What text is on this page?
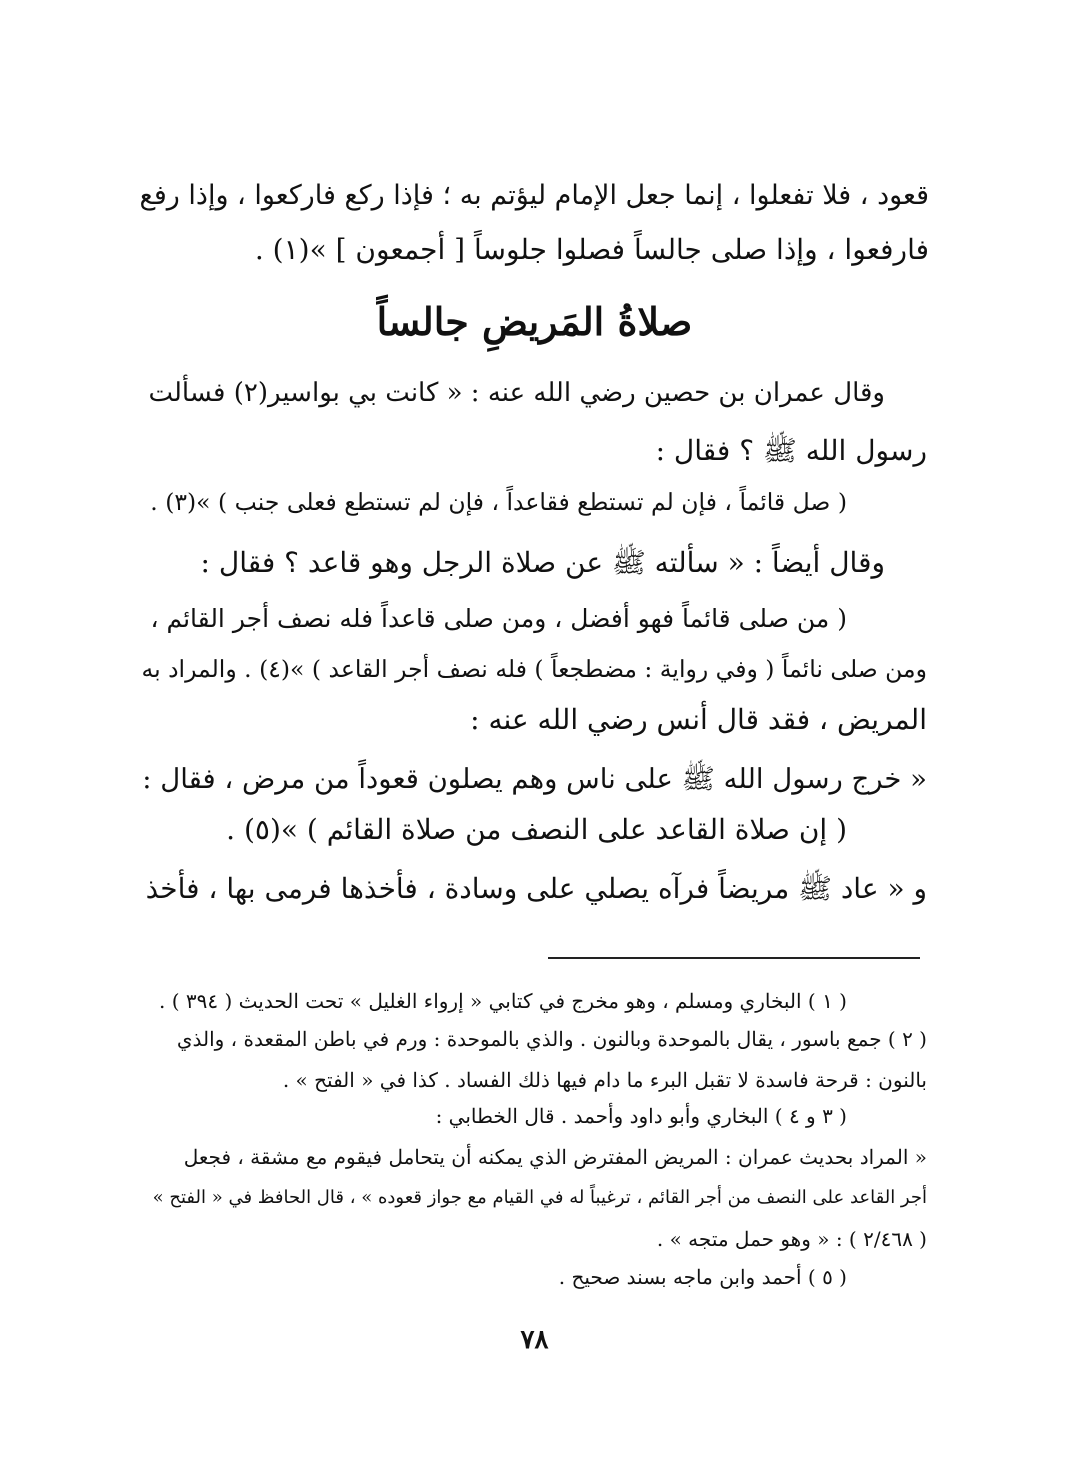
قعود ، فلا تفعلوا ، إنما جعل الإمام ليؤتم به ؛ فإذا ركع فاركعوا ، وإذا رفع
فارفعوا ، وإذا صلى جالساً فصلوا جلوساً [ أجمعون ] »(١) .
صلاةُ المَريضِ جالساً
وقال عمران بن حصين رضي الله عنه : « كانت بي بواسير(٢) فسألت
رسول الله ﷺ ؟ فقال :
( صل قائماً ، فإن لم تستطع فقاعداً ، فإن لم تستطع فعلى جنب ) »(٣) .
وقال أيضاً : « سألته ﷺ عن صلاة الرجل وهو قاعد ؟ فقال :
( من صلى قائماً فهو أفضل ، ومن صلى قاعداً فله نصف أجر القائم ،
ومن صلى نائماً ( وفي رواية : مضطجعاً ) فله نصف أجر القاعد ) »(٤) . والمراد به
المريض ، فقد قال أنس رضي الله عنه :
« خرج رسول الله ﷺ على ناس وهم يصلون قعوداً من مرض ، فقال :
( إن صلاة القاعد على النصف من صلاة القائم ) »(٥) .
و « عاد ﷺ مريضاً فرآه يصلي على وسادة ، فأخذها فرمى بها ، فأخذ
( ١ ) البخاري ومسلم ، وهو مخرج في كتابي « إرواء الغليل » تحت الحديث ( ٣٩٤ ) .
( ٢ ) جمع باسور ، يقال بالموحدة وبالنون . والذي بالموحدة : ورم في باطن المقعدة ، والذي
بالنون : قرحة فاسدة لا تقبل البرء ما دام فيها ذلك الفساد . كذا في « الفتح » .
( ٣ و ٤ ) البخاري وأبو داود وأحمد . قال الخطابي :
« المراد بحديث عمران : المريض المفترض الذي يمكنه أن يتحامل فيقوم مع مشقة ، فجعل
أجر القاعد على النصف من أجر القائم ، ترغيباً له في القيام مع جواز قعوده » ، قال الحافظ في « الفتح »
( ٢/٤٦٨ ) : « وهو حمل متجه » .
( ٥ ) أحمد وابن ماجه بسند صحيح .
٧٨
